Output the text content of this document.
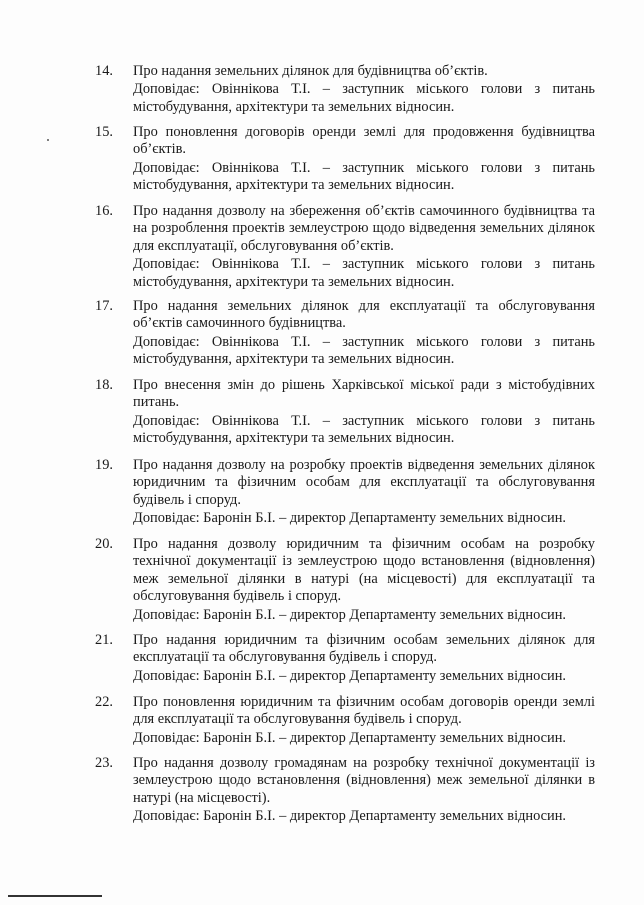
14.	Про надання земельних ділянок для будівництва об’єктів.
Доповідає: Овіннікова Т.І. – заступник міського голови з питань містобудування, архітектури та земельних відносин.
15.	Про поновлення договорів оренди землі для продовження будівництва об’єктів.
Доповідає: Овіннікова Т.І. – заступник міського голови з питань містобудування, архітектури та земельних відносин.
16.	Про надання дозволу на збереження об’єктів самочинного будівництва та на розроблення проектів землеустрою щодо відведення земельних ділянок для експлуатації, обслуговування об’єктів.
Доповідає: Овіннікова Т.І. – заступник міського голови з питань містобудування, архітектури та земельних відносин.
17.	Про надання земельних ділянок для експлуатації та обслуговування об’єктів самочинного будівництва.
Доповідає: Овіннікова Т.І. – заступник міського голови з питань містобудування, архітектури та земельних відносин.
18.	Про внесення змін до рішень Харківської міської ради з містобудівних питань.
Доповідає: Овіннікова Т.І. – заступник міського голови з питань містобудування, архітектури та земельних відносин.
19.	Про надання дозволу на розробку проектів відведення земельних ділянок юридичним та фізичним особам для експлуатації та обслуговування будівель і споруд.
Доповідає: Баронін Б.І. – директор Департаменту земельних відносин.
20.	Про надання дозволу юридичним та фізичним особам на розробку технічної документації із землеустрою щодо встановлення (відновлення) меж земельної ділянки в натурі (на місцевості) для експлуатації та обслуговування будівель і споруд.
Доповідає: Баронін Б.І. – директор Департаменту земельних відносин.
21.	Про надання юридичним та фізичним особам земельних ділянок для експлуатації та обслуговування будівель і споруд.
Доповідає: Баронін Б.І. – директор Департаменту земельних відносин.
22.	Про поновлення юридичним та фізичним особам договорів оренди землі для експлуатації та обслуговування будівель і споруд.
Доповідає: Баронін Б.І. – директор Департаменту земельних відносин.
23.	Про надання дозволу громадянам на розробку технічної документації із землеустрою щодо встановлення (відновлення) меж земельної ділянки в натурі (на місцевості).
Доповідає: Баронін Б.І. – директор Департаменту земельних відносин.
